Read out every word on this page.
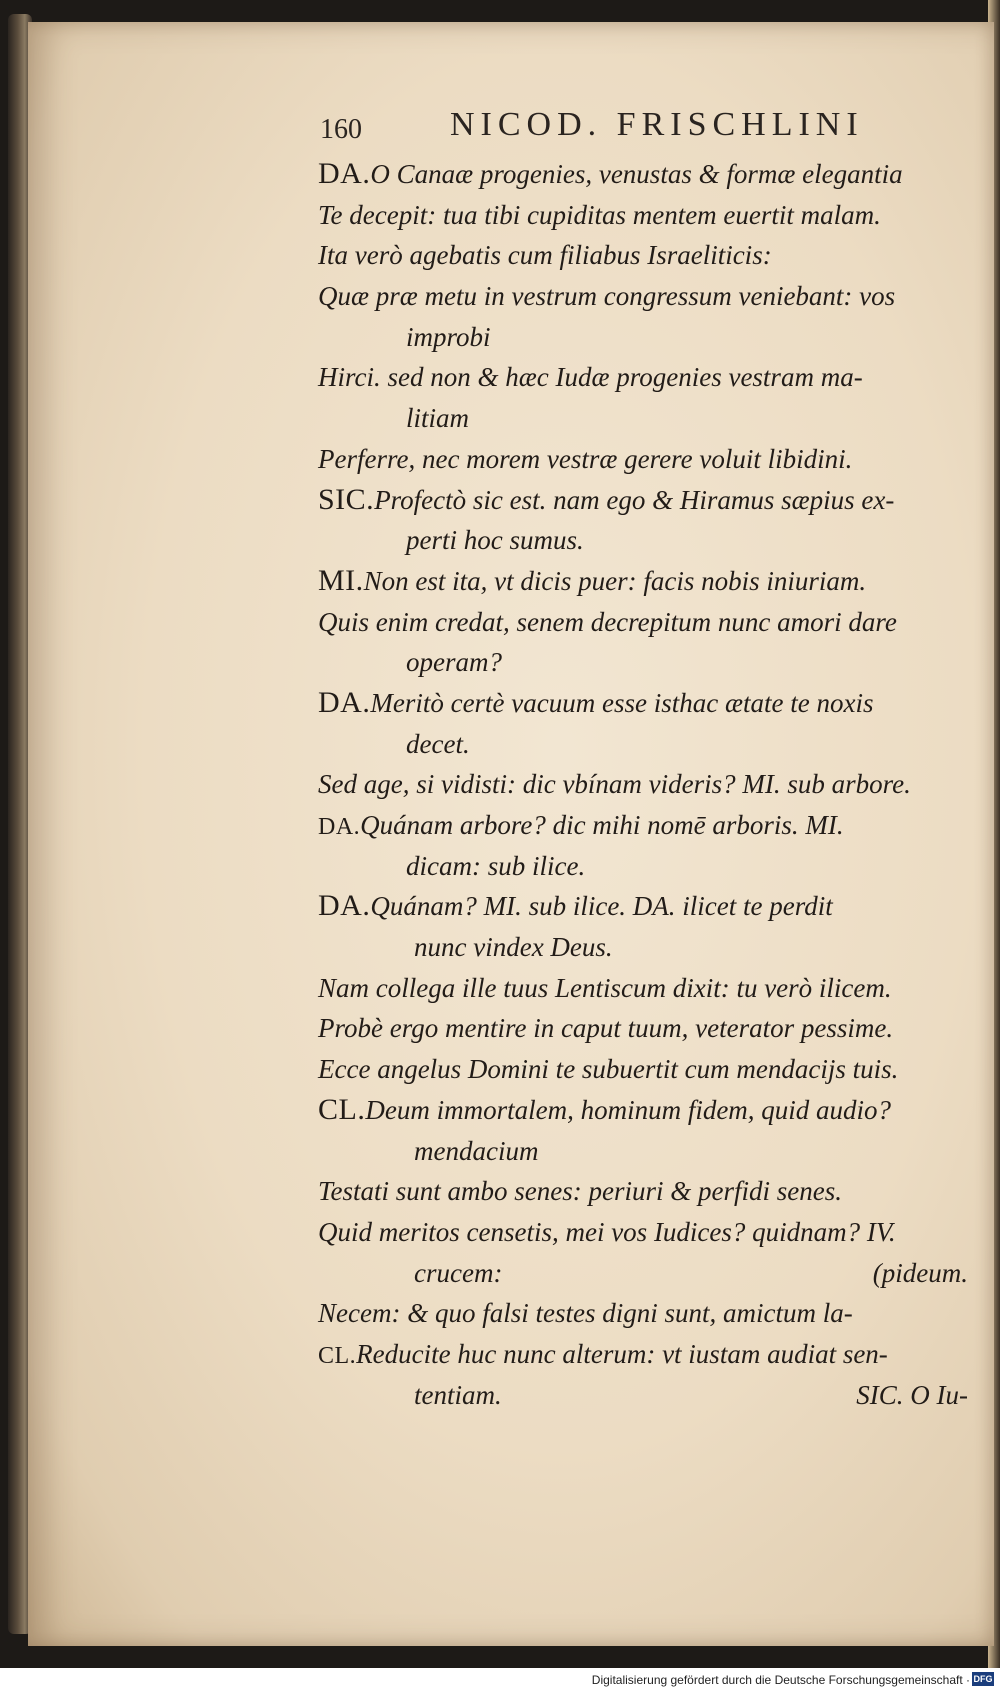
160	NICOD. FRISCHLINI
DA.O Canaæ progenies, venustas & formæ elegantia
Te decepit: tua tibi cupiditas mentem euertit malam.
Ita verò agebatis cum filiabus Israeliticis:
Quæ præ metu in vestrum congressum veniebant: vos
improbi
Hirci. sed non & hæc Iudæ progenies vestram ma-
litiam
Perferre, nec morem vestræ gerere voluit libidini.
SIC.Profectò sic est. nam ego & Hiramus sæpius ex-
perti hoc sumus.
MI.Non est ita, vt dicis puer: facis nobis iniuriam.
Quis enim credat, senem decrepitum nunc amori dare
operam?
DA.Meritò certè vacuum esse isthac ætate te noxis
decet.
Sed age, si vidisti: dic vbínam videris? MI. sub arbore.
DA.Quánam arbore? dic mihi nomē arboris. MI.
dicam: sub ilice.
DA.Quánam? MI. sub ilice. DA. ilicet te perdit
nunc vindex Deus.
Nam collega ille tuus Lentiscum dixit: tu verò ilicem.
Probè ergo mentire in caput tuum, veterator pessime.
Ecce angelus Domini te subuertit cum mendacijs tuis.
CL.Deum immortalem, hominum fidem, quid audio?
mendacium
Testati sunt ambo senes: periuri & perfidi senes.
Quid meritos censetis, mei vos Iudices? quidnam? IV.
crucem:	(pideum.
Necem: & quo falsi testes digni sunt, amictum la-
CL.Reducite huc nunc alterum: vt iustam audiat sen-
tentiam.	SIC. O Iu-
Digitalisierung gefördert durch die Deutsche Forschungsgemeinschaft · DFG
